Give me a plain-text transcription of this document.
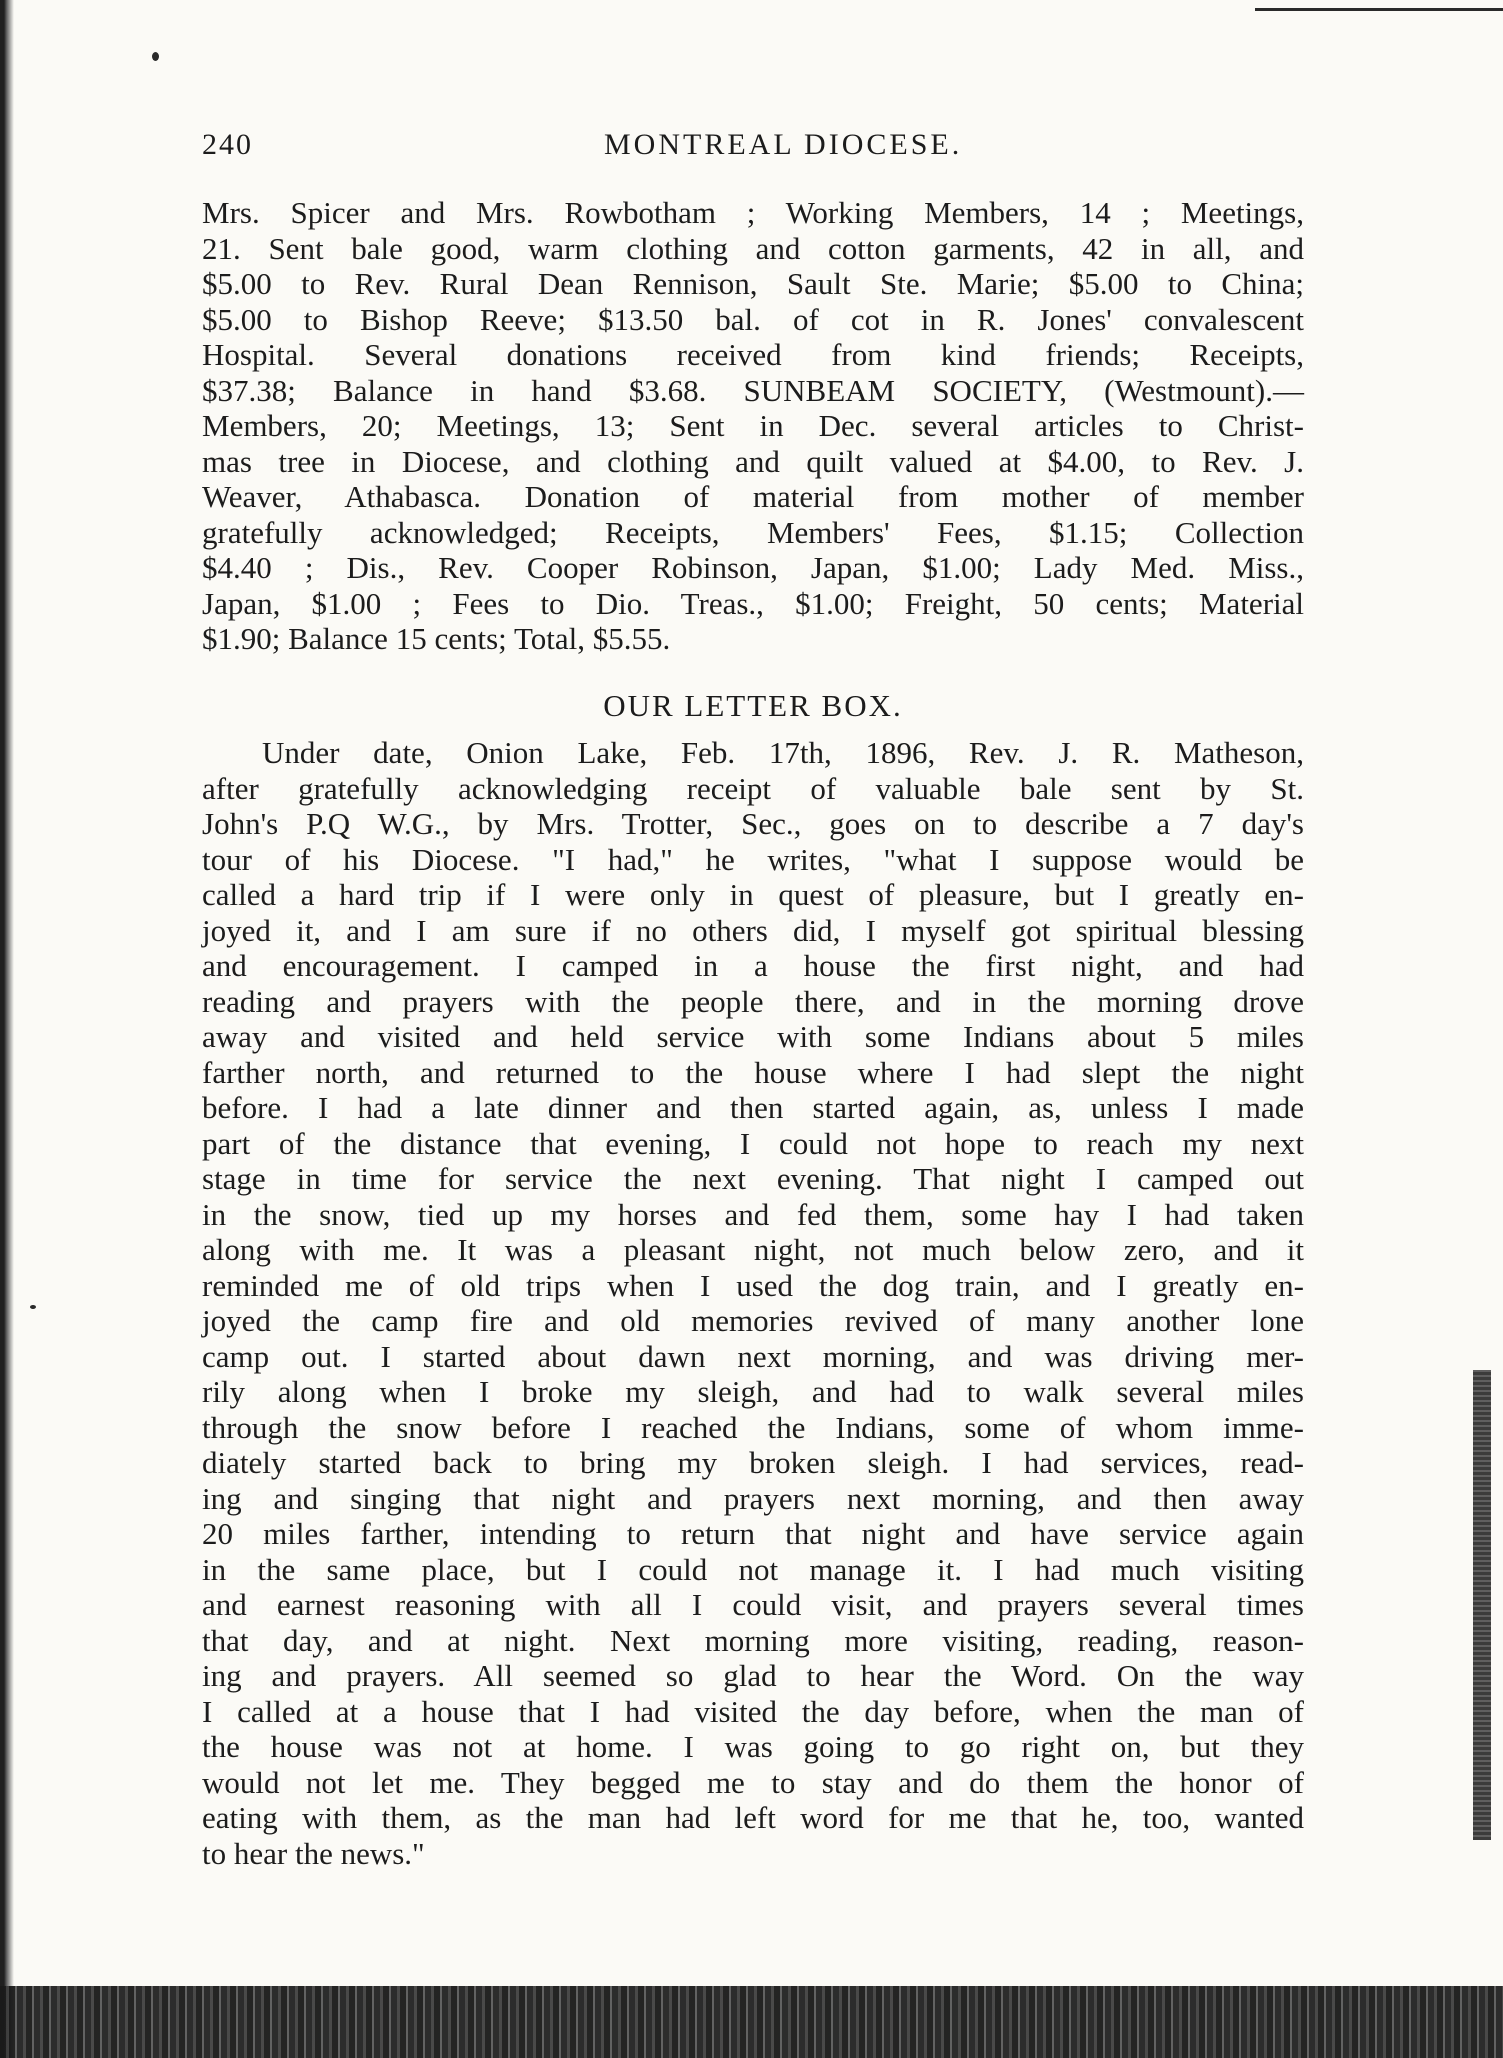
240	MONTREAL DIOCESE.
Mrs. Spicer and Mrs. Rowbotham ; Working Members, 14 ; Meetings,
21. Sent bale good, warm clothing and cotton garments, 42 in all, and
$5.00 to Rev. Rural Dean Rennison, Sault Ste. Marie; $5.00 to China;
$5.00 to Bishop Reeve; $13.50 bal. of cot in R. Jones' convalescent
Hospital. Several donations received from kind friends; Receipts,
$37.38; Balance in hand $3.68. SUNBEAM SOCIETY, (Westmount).—
Members, 20; Meetings, 13; Sent in Dec. several articles to Christ-
mas tree in Diocese, and clothing and quilt valued at $4.00, to Rev. J.
Weaver, Athabasca. Donation of material from mother of member
gratefully acknowledged; Receipts, Members' Fees, $1.15; Collection
$4.40 ; Dis., Rev. Cooper Robinson, Japan, $1.00; Lady Med. Miss.,
Japan, $1.00 ; Fees to Dio. Treas., $1.00; Freight, 50 cents; Material
$1.90; Balance 15 cents; Total, $5.55.
OUR LETTER BOX.
Under date, Onion Lake, Feb. 17th, 1896, Rev. J. R. Matheson,
after gratefully acknowledging receipt of valuable bale sent by St.
John's P.Q W.G., by Mrs. Trotter, Sec., goes on to describe a 7 day's
tour of his Diocese. "I had," he writes, "what I suppose would be
called a hard trip if I were only in quest of pleasure, but I greatly en-
joyed it, and I am sure if no others did, I myself got spiritual blessing
and encouragement. I camped in a house the first night, and had
reading and prayers with the people there, and in the morning drove
away and visited and held service with some Indians about 5 miles
farther north, and returned to the house where I had slept the night
before. I had a late dinner and then started again, as, unless I made
part of the distance that evening, I could not hope to reach my next
stage in time for service the next evening. That night I camped out
in the snow, tied up my horses and fed them, some hay I had taken
along with me. It was a pleasant night, not much below zero, and it
reminded me of old trips when I used the dog train, and I greatly en-
joyed the camp fire and old memories revived of many another lone
camp out. I started about dawn next morning, and was driving mer-
rily along when I broke my sleigh, and had to walk several miles
through the snow before I reached the Indians, some of whom imme-
diately started back to bring my broken sleigh. I had services, read-
ing and singing that night and prayers next morning, and then away
20 miles farther, intending to return that night and have service again
in the same place, but I could not manage it. I had much visiting
and earnest reasoning with all I could visit, and prayers several times
that day, and at night. Next morning more visiting, reading, reason-
ing and prayers. All seemed so glad to hear the Word. On the way
I called at a house that I had visited the day before, when the man of
the house was not at home. I was going to go right on, but they
would not let me. They begged me to stay and do them the honor of
eating with them, as the man had left word for me that he, too, wanted
to hear the news."
